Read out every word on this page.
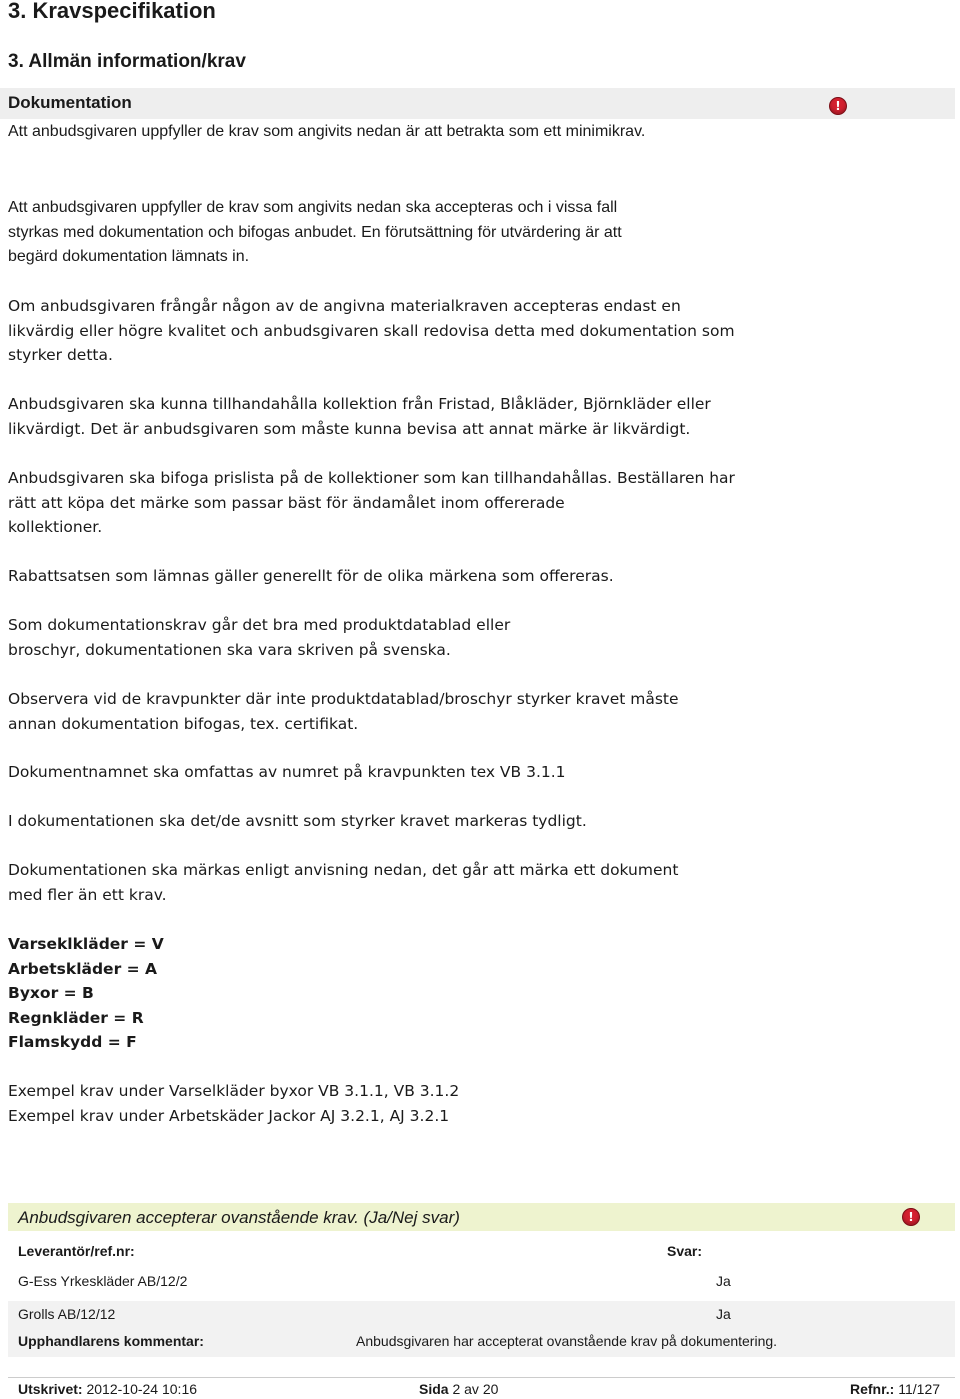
3. Kravspecifikation
3. Allmän information/krav
Dokumentation	!
Att anbudsgivaren uppfyller de krav som angivits nedan är att betrakta som ett minimikrav.
Att anbudsgivaren uppfyller de krav som angivits nedan ska accepteras och i vissa fall
styrkas med dokumentation och bifogas anbudet. En förutsättning för utvärdering är att
begärd dokumentation lämnats in.
Om anbudsgivaren frångår någon av de angivna materialkraven accepteras endast en
likvärdig eller högre kvalitet och anbudsgivaren skall redovisa detta med dokumentation som
styrker detta.
Anbudsgivaren ska kunna tillhandahålla kollektion från Fristad, Blåkläder, Björnkläder eller
likvärdigt. Det är anbudsgivaren som måste kunna bevisa att annat märke är likvärdigt.
Anbudsgivaren ska bifoga prislista på de kollektioner som kan tillhandahållas. Beställaren har
rätt att köpa det märke som passar bäst för ändamålet inom offererade
kollektioner.
Rabattsatsen som lämnas gäller generellt för de olika märkena som offereras.
Som dokumentationskrav går det bra med produktdatablad eller
broschyr, dokumentationen ska vara skriven på svenska.
Observera vid de kravpunkter där inte produktdatablad/broschyr styrker kravet måste
annan dokumentation bifogas, tex. certifikat.
Dokumentnamnet ska omfattas av numret på kravpunkten tex VB 3.1.1
I dokumentationen ska det/de avsnitt som styrker kravet markeras tydligt.
Dokumentationen ska märkas enligt anvisning nedan, det går att märka ett dokument
med fler än ett krav.
Varseklkläder = V
Arbetskläder = A
Byxor = B
Regnkläder = R
Flamskydd = F
Exempel krav under Varselkläder byxor VB 3.1.1, VB 3.1.2
Exempel krav under Arbetskäder Jackor AJ 3.2.1, AJ 3.2.1
Anbudsgivaren accepterar ovanstående krav. (Ja/Nej svar)	!
Leverantör/ref.nr:	Svar:
G-Ess Yrkeskläder AB/12/2	Ja
Grolls AB/12/12	Ja
Upphandlarens kommentar:	Anbudsgivaren har accepterat ovanstående krav på dokumentering.
Utskrivet: 2012-10-24 10:16	Sida 2 av 20	Refnr.: 11/127
